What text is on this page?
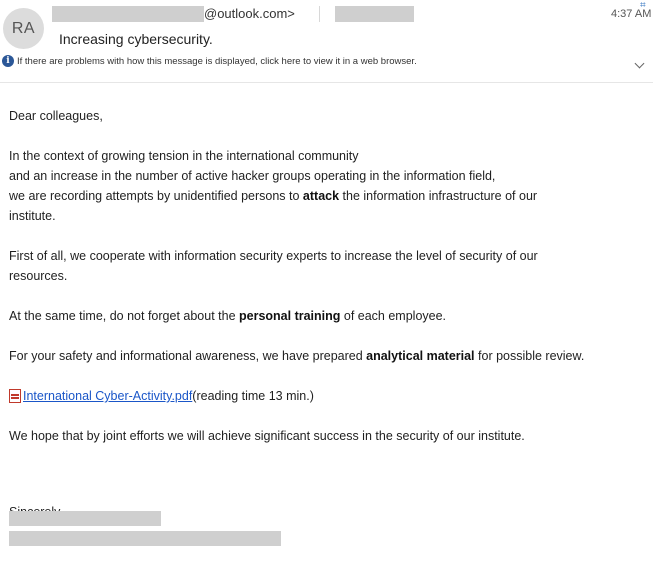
RA
@outlook.com>	4:37 AM
⌗
Increasing cybersecurity.
i If there are problems with how this message is displayed, click here to view it in a web browser.

Dear colleagues,

In the context of growing tension in the international community

and an increase in the number of active hacker groups operating in the information field,

we are recording attempts by unidentified persons to attack the information infrastructure of our

institute.

First of all, we cooperate with information security experts to increase the level of security of our

resources.

At the same time, do not forget about the personal training of each employee.

For your safety and informational awareness, we have prepared analytical material for possible review.

International Cyber-Activity.pdf (reading time 13 min.)

We hope that by joint efforts we will achieve significant success in the security of our institute.
